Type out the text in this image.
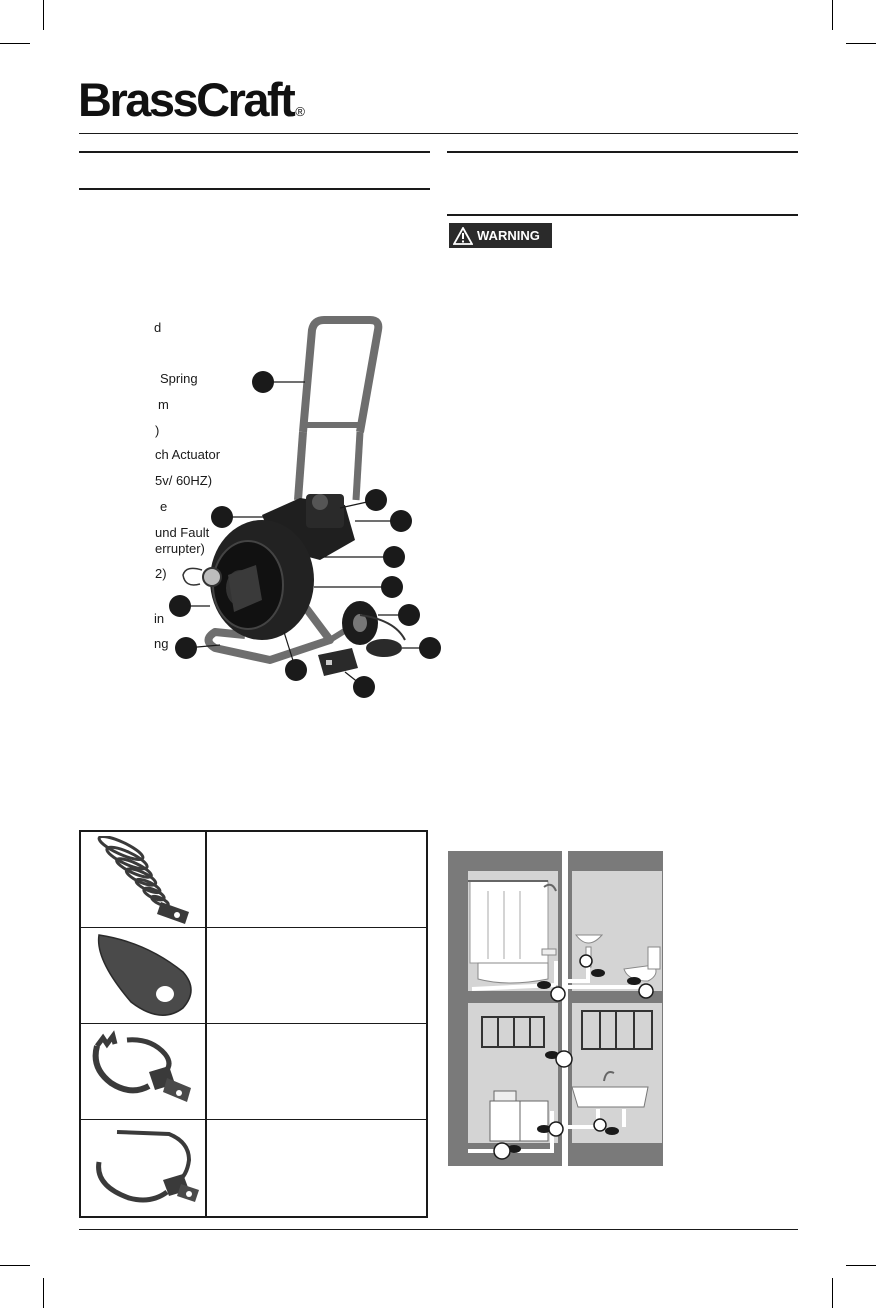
BrassCraft ®
WARNING
d
Spring
m
)
ch Actuator
5v/ 60HZ)
e
und Fault
errupter)
2)
in
ng
